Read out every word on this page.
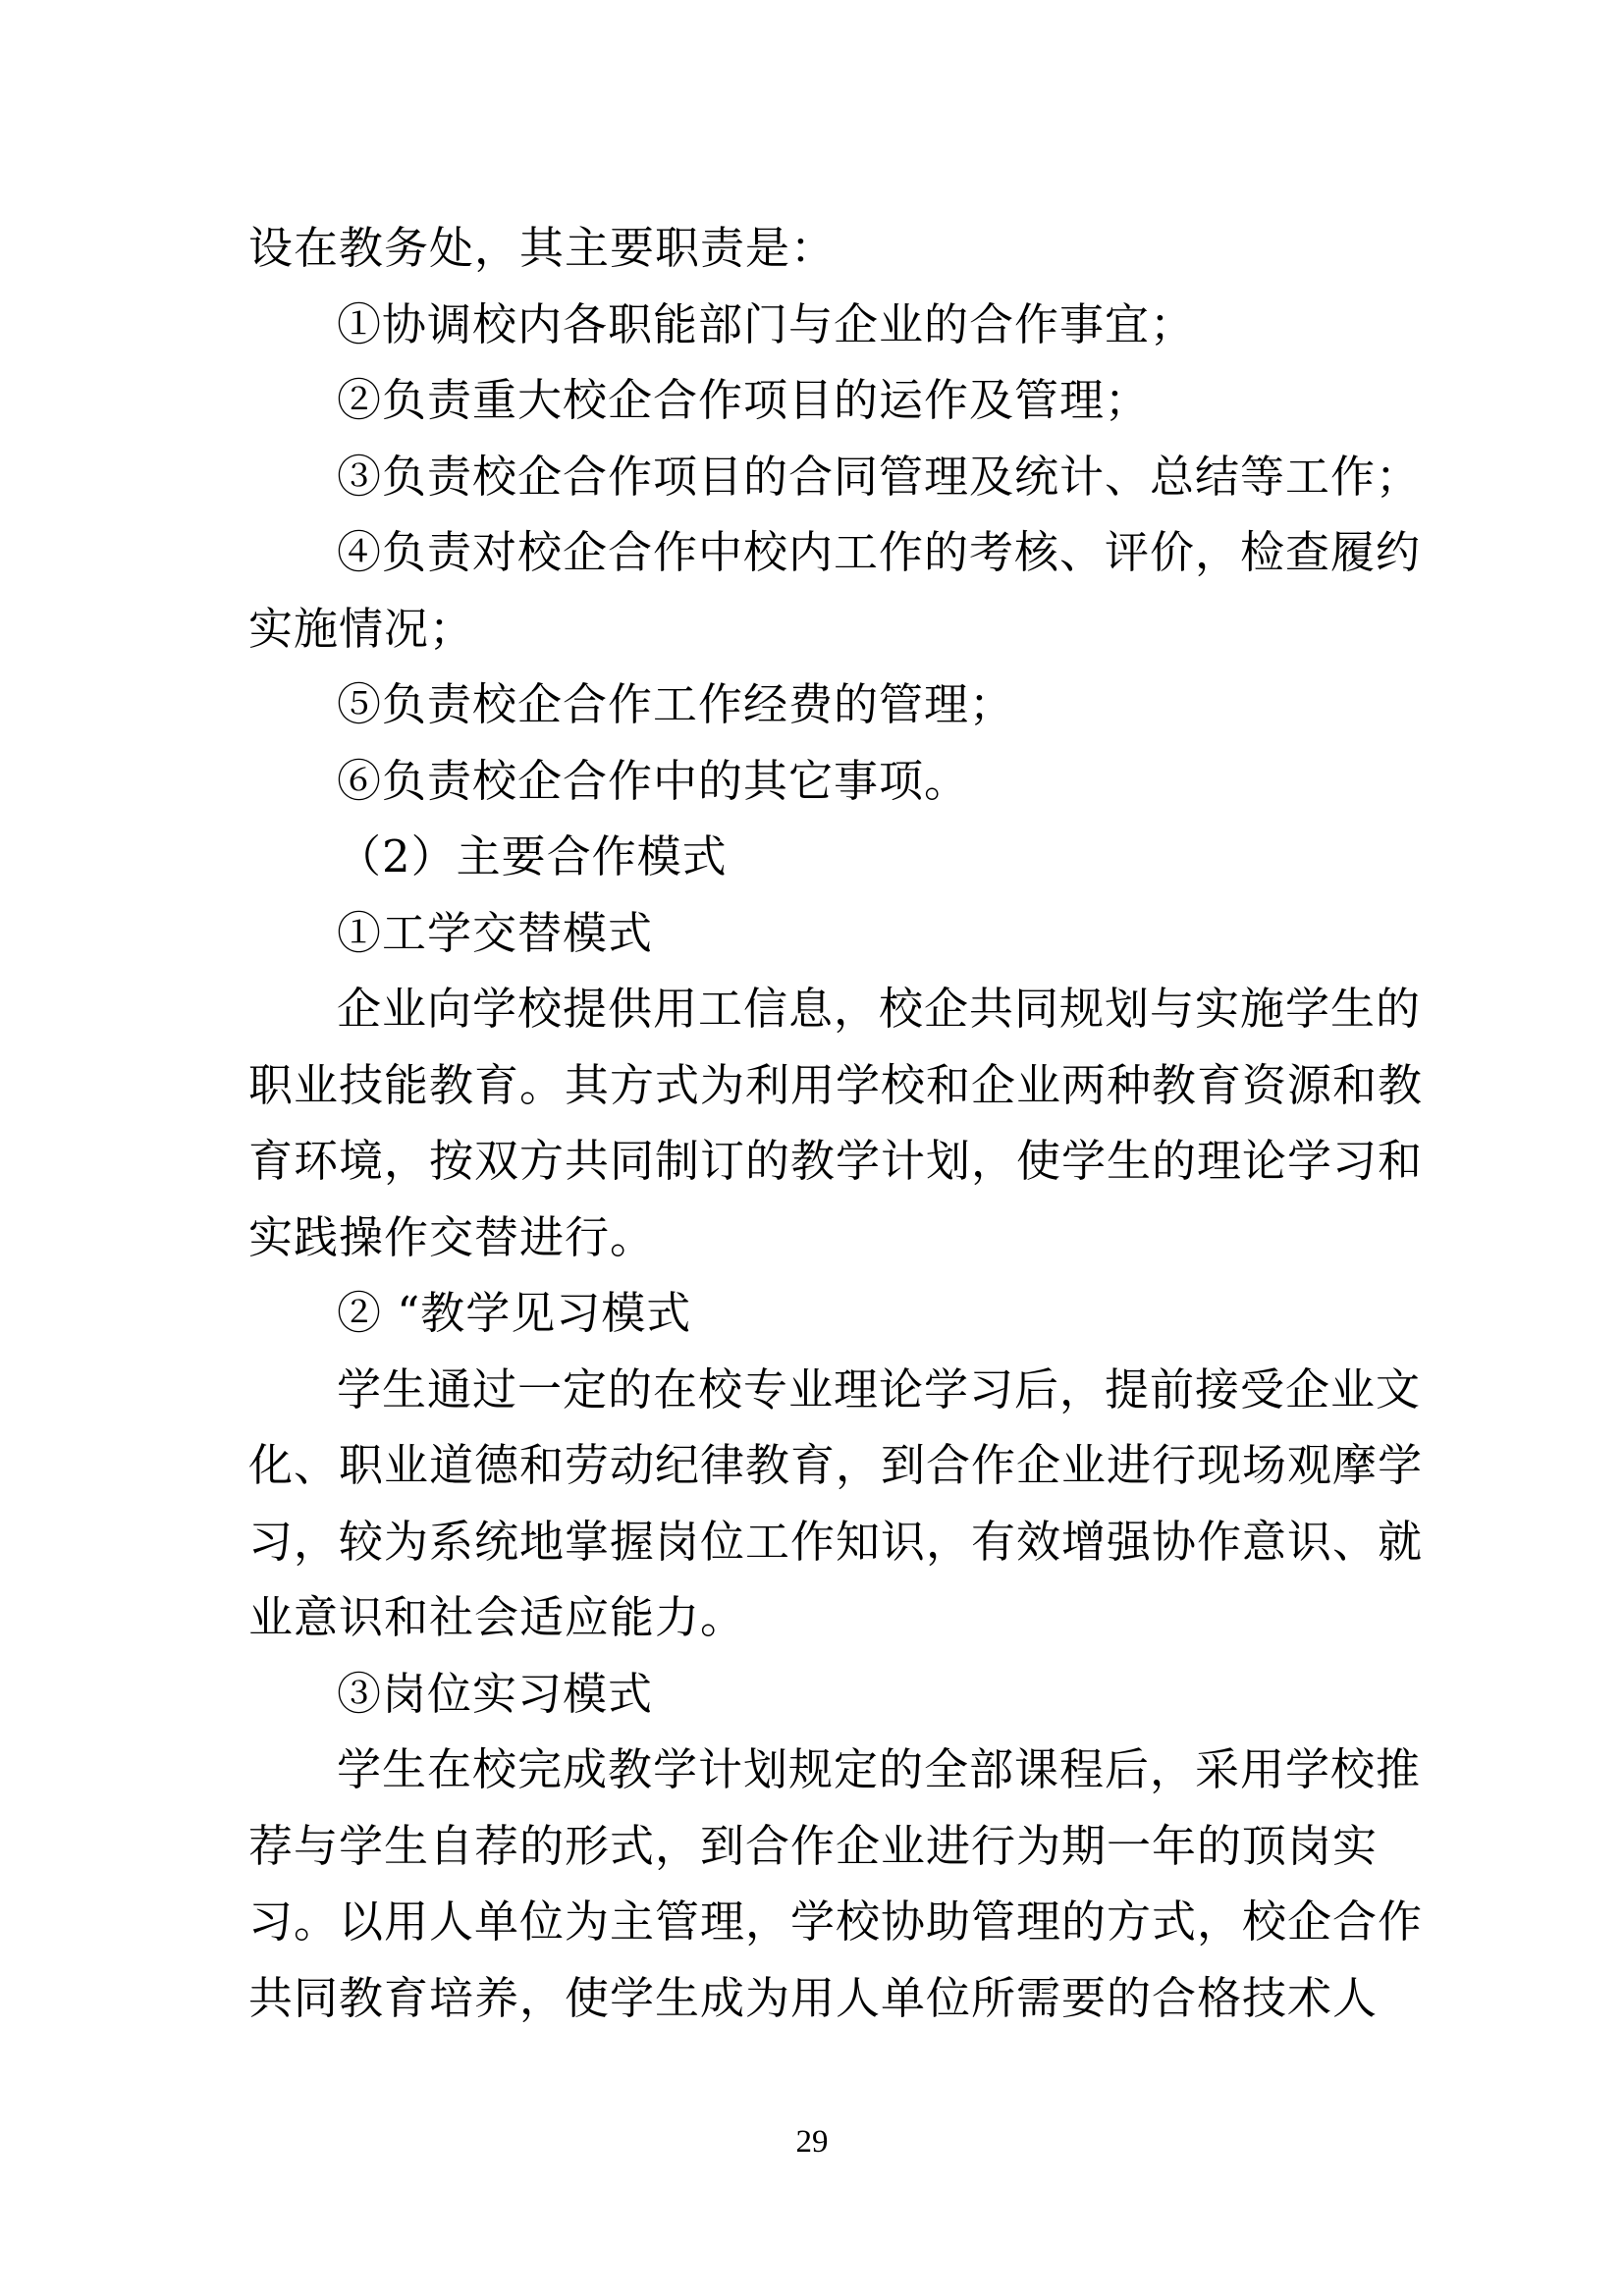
设在教务处，其主要职责是：

①协调校内各职能部门与企业的合作事宜；

②负责重大校企合作项目的运作及管理；

③负责校企合作项目的合同管理及统计、总结等工作；

④负责对校企合作中校内工作的考核、评价，检查履约

实施情况；

⑤负责校企合作工作经费的管理；

⑥负责校企合作中的其它事项。

（2）主要合作模式

①工学交替模式

企业向学校提供用工信息，校企共同规划与实施学生的

职业技能教育。其方式为利用学校和企业两种教育资源和教

育环境，按双方共同制订的教学计划，使学生的理论学习和

实践操作交替进行。

② “教学见习模式

学生通过一定的在校专业理论学习后，提前接受企业文

化、职业道德和劳动纪律教育，到合作企业进行现场观摩学

习，较为系统地掌握岗位工作知识，有效增强协作意识、就

业意识和社会适应能力。

③岗位实习模式

学生在校完成教学计划规定的全部课程后，采用学校推

荐与学生自荐的形式，到合作企业进行为期一年的顶岗实

习。以用人单位为主管理，学校协助管理的方式，校企合作

共同教育培养，使学生成为用人单位所需要的合格技术人

29
